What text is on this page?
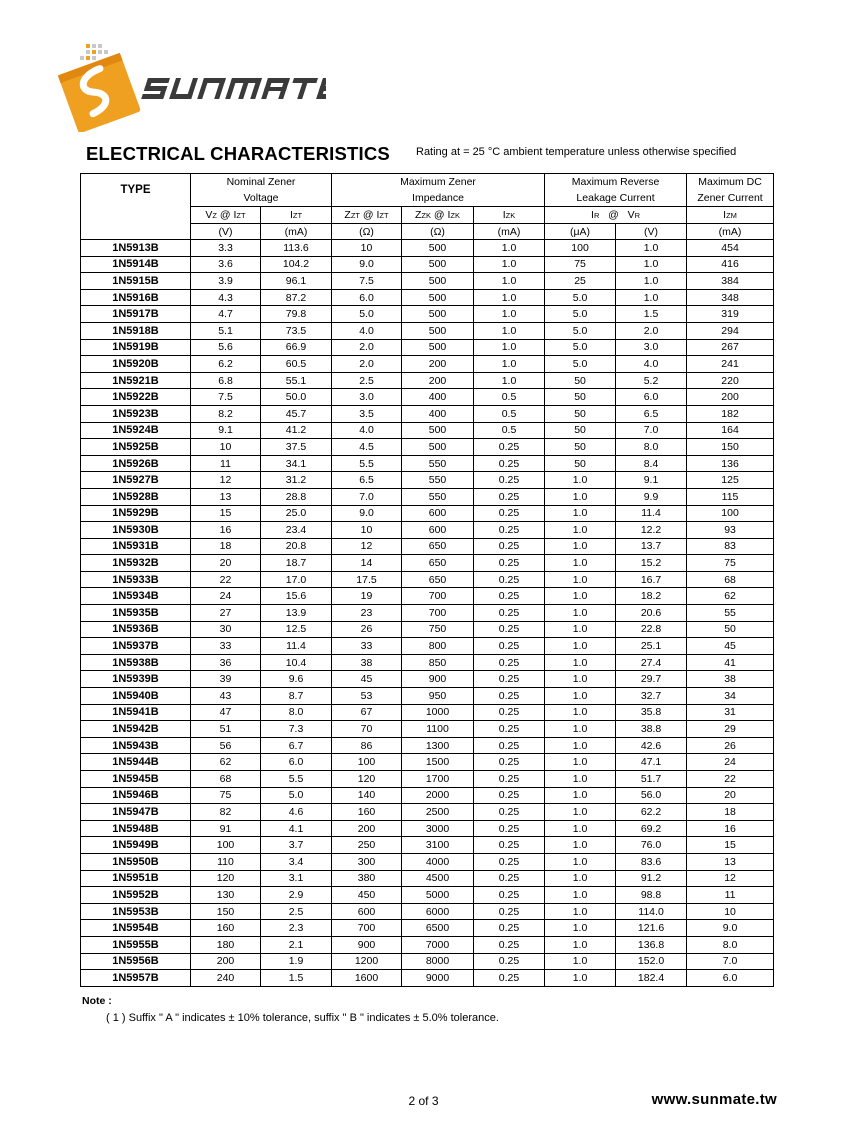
ELECTRICAL CHARACTERISTICS Rating at = 25 °C ambient temperature unless otherwise specified
TYPE	Nominal Zener		Maximum Zener			Maximum Reverse		Maximum DC
	Voltage		Impedance			Leakage Current		Zener Current
	VZ @ IZT	IZT	ZZT @ IZT	ZZK @ IZK	IZK	IR   @   VR		IZM
	(V)	(mA)	(Ω)	(Ω)	(mA)	(μA)	(V)	(mA)
1N5913B	3.3	113.6	10	500	1.0	100	1.0	454
1N5914B	3.6	104.2	9.0	500	1.0	75	1.0	416
1N5915B	3.9	96.1	7.5	500	1.0	25	1.0	384
1N5916B	4.3	87.2	6.0	500	1.0	5.0	1.0	348
1N5917B	4.7	79.8	5.0	500	1.0	5.0	1.5	319
1N5918B	5.1	73.5	4.0	500	1.0	5.0	2.0	294
1N5919B	5.6	66.9	2.0	500	1.0	5.0	3.0	267
1N5920B	6.2	60.5	2.0	200	1.0	5.0	4.0	241
1N5921B	6.8	55.1	2.5	200	1.0	50	5.2	220
1N5922B	7.5	50.0	3.0	400	0.5	50	6.0	200
1N5923B	8.2	45.7	3.5	400	0.5	50	6.5	182
1N5924B	9.1	41.2	4.0	500	0.5	50	7.0	164
1N5925B	10	37.5	4.5	500	0.25	50	8.0	150
1N5926B	11	34.1	5.5	550	0.25	50	8.4	136
1N5927B	12	31.2	6.5	550	0.25	1.0	9.1	125
1N5928B	13	28.8	7.0	550	0.25	1.0	9.9	115
1N5929B	15	25.0	9.0	600	0.25	1.0	11.4	100
1N5930B	16	23.4	10	600	0.25	1.0	12.2	93
1N5931B	18	20.8	12	650	0.25	1.0	13.7	83
1N5932B	20	18.7	14	650	0.25	1.0	15.2	75
1N5933B	22	17.0	17.5	650	0.25	1.0	16.7	68
1N5934B	24	15.6	19	700	0.25	1.0	18.2	62
1N5935B	27	13.9	23	700	0.25	1.0	20.6	55
1N5936B	30	12.5	26	750	0.25	1.0	22.8	50
1N5937B	33	11.4	33	800	0.25	1.0	25.1	45
1N5938B	36	10.4	38	850	0.25	1.0	27.4	41
1N5939B	39	9.6	45	900	0.25	1.0	29.7	38
1N5940B	43	8.7	53	950	0.25	1.0	32.7	34
1N5941B	47	8.0	67	1000	0.25	1.0	35.8	31
1N5942B	51	7.3	70	1100	0.25	1.0	38.8	29
1N5943B	56	6.7	86	1300	0.25	1.0	42.6	26
1N5944B	62	6.0	100	1500	0.25	1.0	47.1	24
1N5945B	68	5.5	120	1700	0.25	1.0	51.7	22
1N5946B	75	5.0	140	2000	0.25	1.0	56.0	20
1N5947B	82	4.6	160	2500	0.25	1.0	62.2	18
1N5948B	91	4.1	200	3000	0.25	1.0	69.2	16
1N5949B	100	3.7	250	3100	0.25	1.0	76.0	15
1N5950B	110	3.4	300	4000	0.25	1.0	83.6	13
1N5951B	120	3.1	380	4500	0.25	1.0	91.2	12
1N5952B	130	2.9	450	5000	0.25	1.0	98.8	11
1N5953B	150	2.5	600	6000	0.25	1.0	114.0	10
1N5954B	160	2.3	700	6500	0.25	1.0	121.6	9.0
1N5955B	180	2.1	900	7000	0.25	1.0	136.8	8.0
1N5956B	200	1.9	1200	8000	0.25	1.0	152.0	7.0
1N5957B	240	1.5	1600	9000	0.25	1.0	182.4	6.0
Note :
( 1 ) Suffix " A " indicates ± 10% tolerance, suffix " B " indicates ± 5.0% tolerance.
2 of 3	www.sunmate.tw
